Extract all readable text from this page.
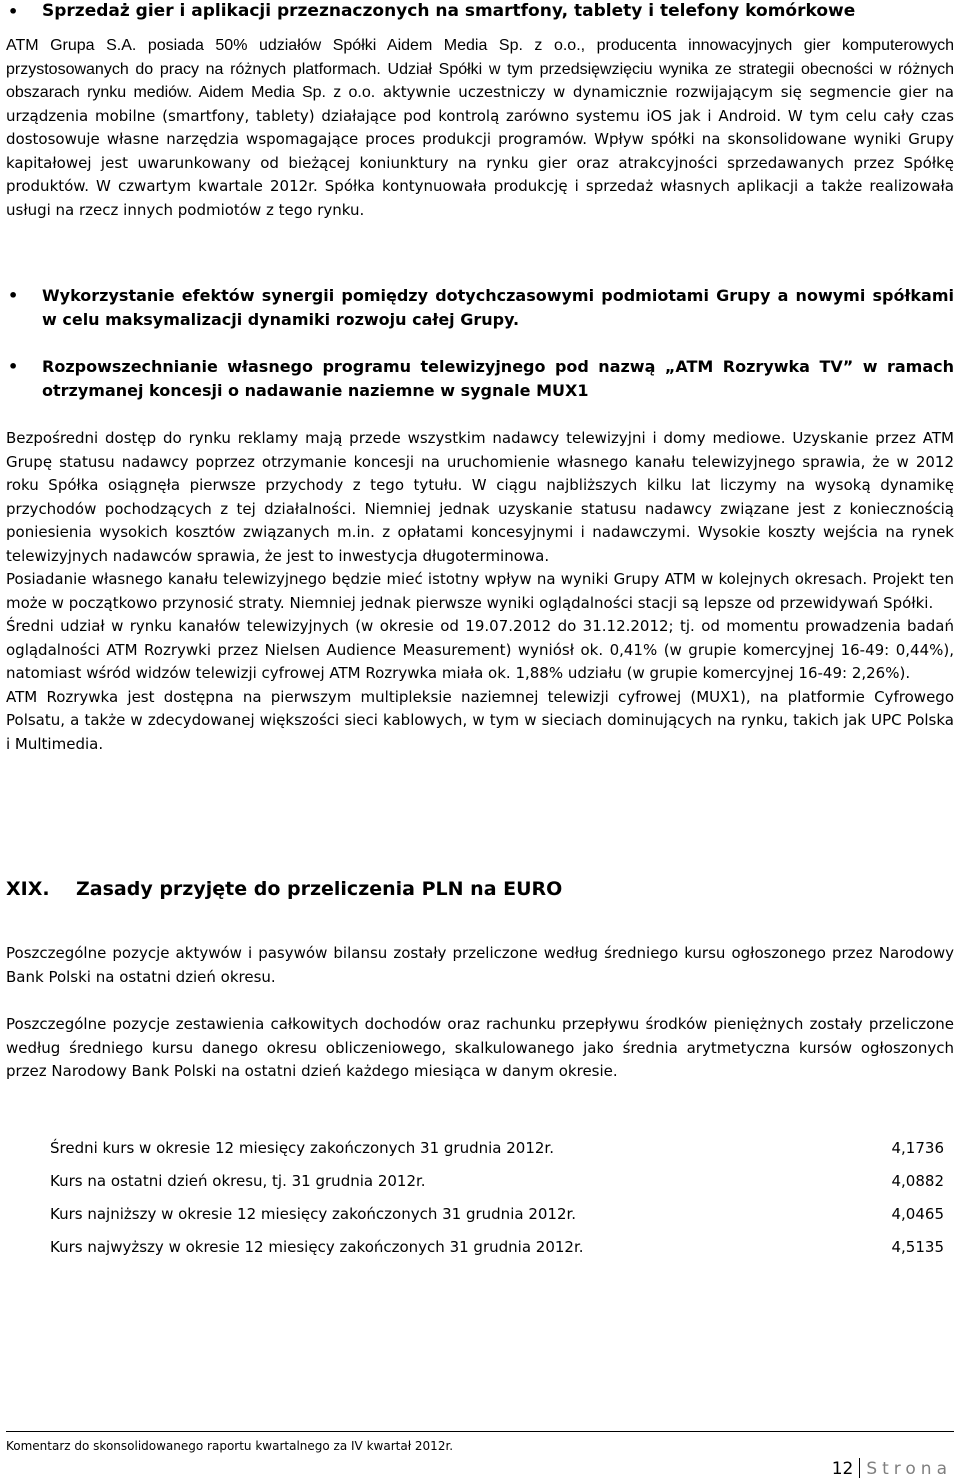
•	Sprzedaż gier i aplikacji przeznaczonych na smartfony, tablety i telefony komórkowe
ATM Grupa S.A. posiada 50% udziałów Spółki Aidem Media Sp. z o.o., producenta innowacyjnych gier komputerowych przystosowanych do pracy na różnych platformach. Udział Spółki w tym przedsięwzięciu wynika ze strategii obecności w różnych obszarach rynku mediów. Aidem Media Sp. z o.o. aktywnie uczestniczy w dynamicznie rozwijającym się segmencie gier na urządzenia mobilne (smartfony, tablety) działające pod kontrolą zarówno systemu iOS jak i Android. W tym celu cały czas dostosowuje własne narzędzia wspomagające proces produkcji programów. Wpływ spółki na skonsolidowane wyniki Grupy kapitałowej jest uwarunkowany od bieżącej koniunktury na rynku gier oraz atrakcyjności sprzedawanych przez Spółkę produktów. W czwartym kwartale 2012r. Spółka kontynuowała produkcję i sprzedaż własnych aplikacji a także realizowała usługi na rzecz innych podmiotów z tego rynku.
•	Wykorzystanie efektów synergii pomiędzy dotychczasowymi podmiotami Grupy a nowymi spółkami w celu maksymalizacji dynamiki rozwoju całej Grupy.
•	Rozpowszechnianie własnego programu telewizyjnego pod nazwą „ATM Rozrywka TV” w ramach otrzymanej koncesji o nadawanie naziemne w sygnale MUX1
Bezpośredni dostęp do rynku reklamy mają przede wszystkim nadawcy telewizyjni i domy mediowe. Uzyskanie przez ATM Grupę statusu nadawcy poprzez otrzymanie koncesji na uruchomienie własnego kanału telewizyjnego sprawia, że w 2012 roku Spółka osiągnęła pierwsze przychody z tego tytułu. W ciągu najbliższych kilku lat liczymy na wysoką dynamikę przychodów pochodzących z tej działalności. Niemniej jednak uzyskanie statusu nadawcy związane jest z koniecznością poniesienia wysokich kosztów związanych m.in. z opłatami koncesyjnymi i nadawczymi. Wysokie koszty wejścia na rynek telewizyjnych nadawców sprawia, że jest to inwestycja długoterminowa.
Posiadanie własnego kanału telewizyjnego będzie mieć istotny wpływ na wyniki Grupy ATM w kolejnych okresach. Projekt ten może w początkowo przynosić straty. Niemniej jednak pierwsze wyniki oglądalności stacji są lepsze od przewidywań Spółki.
Średni udział w rynku kanałów telewizyjnych (w okresie od 19.07.2012 do 31.12.2012; tj. od momentu prowadzenia badań oglądalności ATM Rozrywki przez Nielsen Audience Measurement) wyniósł ok. 0,41% (w grupie komercyjnej 16-49: 0,44%), natomiast wśród widzów telewizji cyfrowej ATM Rozrywka miała ok. 1,88% udziału (w grupie komercyjnej 16-49: 2,26%).
ATM Rozrywka jest dostępna na pierwszym multipleksie naziemnej telewizji cyfrowej (MUX1), na platformie Cyfrowego Polsatu, a także w zdecydowanej większości sieci kablowych, w tym w sieciach dominujących na rynku, takich jak UPC Polska i Multimedia.
XIX.	Zasady przyjęte do przeliczenia PLN na EURO
Poszczególne pozycje aktywów i pasywów bilansu zostały przeliczone według średniego kursu ogłoszonego przez Narodowy Bank Polski na ostatni dzień okresu.
Poszczególne pozycje zestawienia całkowitych dochodów oraz rachunku przepływu środków pieniężnych zostały przeliczone według średniego kursu danego okresu obliczeniowego, skalkulowanego jako średnia arytmetyczna kursów ogłoszonych przez Narodowy Bank Polski na ostatni dzień każdego miesiąca w danym okresie.
Średni kurs w okresie 12 miesięcy zakończonych 31 grudnia 2012r.	4,1736
Kurs na ostatni dzień okresu, tj. 31 grudnia 2012r.	4,0882
Kurs najniższy w okresie 12 miesięcy zakończonych 31 grudnia 2012r.	4,0465
Kurs najwyższy w okresie 12 miesięcy zakończonych 31 grudnia 2012r.	4,5135
Komentarz do skonsolidowanego raportu kwartalnego za IV kwartał 2012r.
12 Strona
